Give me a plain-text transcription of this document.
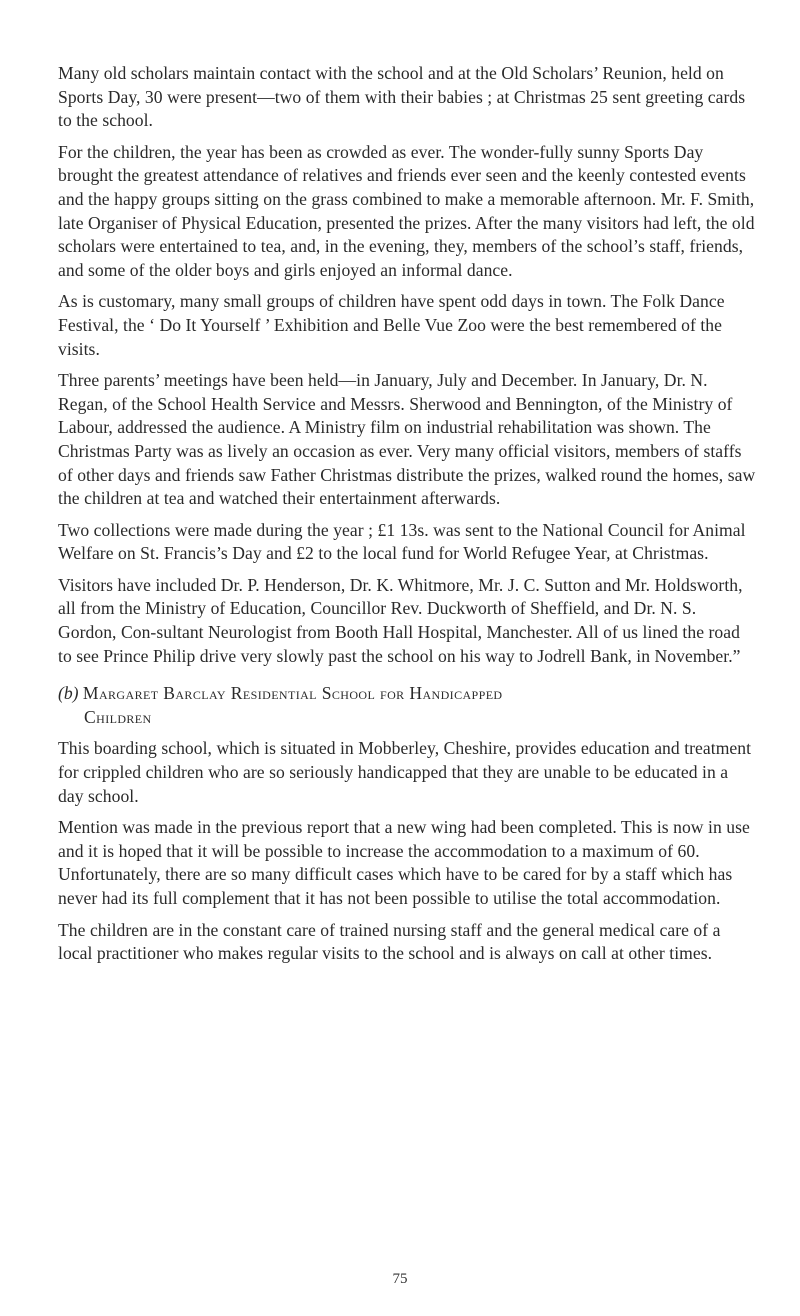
Many old scholars maintain contact with the school and at the Old Scholars’ Reunion, held on Sports Day, 30 were present—two of them with their babies ; at Christmas 25 sent greeting cards to the school.

For the children, the year has been as crowded as ever. The wonder-fully sunny Sports Day brought the greatest attendance of relatives and friends ever seen and the keenly contested events and the happy groups sitting on the grass combined to make a memorable afternoon. Mr. F. Smith, late Organiser of Physical Education, presented the prizes. After the many visitors had left, the old scholars were entertained to tea, and, in the evening, they, members of the school’s staff, friends, and some of the older boys and girls enjoyed an informal dance.

As is customary, many small groups of children have spent odd days in town. The Folk Dance Festival, the ‘ Do It Yourself ’ Exhibition and Belle Vue Zoo were the best remembered of the visits.

Three parents’ meetings have been held—in January, July and December. In January, Dr. N. Regan, of the School Health Service and Messrs. Sherwood and Bennington, of the Ministry of Labour, addressed the audience. A Ministry film on industrial rehabilitation was shown. The Christmas Party was as lively an occasion as ever. Very many official visitors, members of staffs of other days and friends saw Father Christmas distribute the prizes, walked round the homes, saw the children at tea and watched their entertainment afterwards.

Two collections were made during the year ; £1 13s. was sent to the National Council for Animal Welfare on St. Francis’s Day and £2 to the local fund for World Refugee Year, at Christmas.

Visitors have included Dr. P. Henderson, Dr. K. Whitmore, Mr. J. C. Sutton and Mr. Holdsworth, all from the Ministry of Education, Councillor Rev. Duckworth of Sheffield, and Dr. N. S. Gordon, Con-sultant Neurologist from Booth Hall Hospital, Manchester. All of us lined the road to see Prince Philip drive very slowly past the school on his way to Jodrell Bank, in November.”

(b) Margaret Barclay Residential School for Handicapped
Children

This boarding school, which is situated in Mobberley, Cheshire, provides education and treatment for crippled children who are so seriously handicapped that they are unable to be educated in a day school.

Mention was made in the previous report that a new wing had been completed. This is now in use and it is hoped that it will be possible to increase the accommodation to a maximum of 60. Unfortunately, there are so many difficult cases which have to be cared for by a staff which has never had its full complement that it has not been possible to utilise the total accommodation.

The children are in the constant care of trained nursing staff and the general medical care of a local practitioner who makes regular visits to the school and is always on call at other times.

75
